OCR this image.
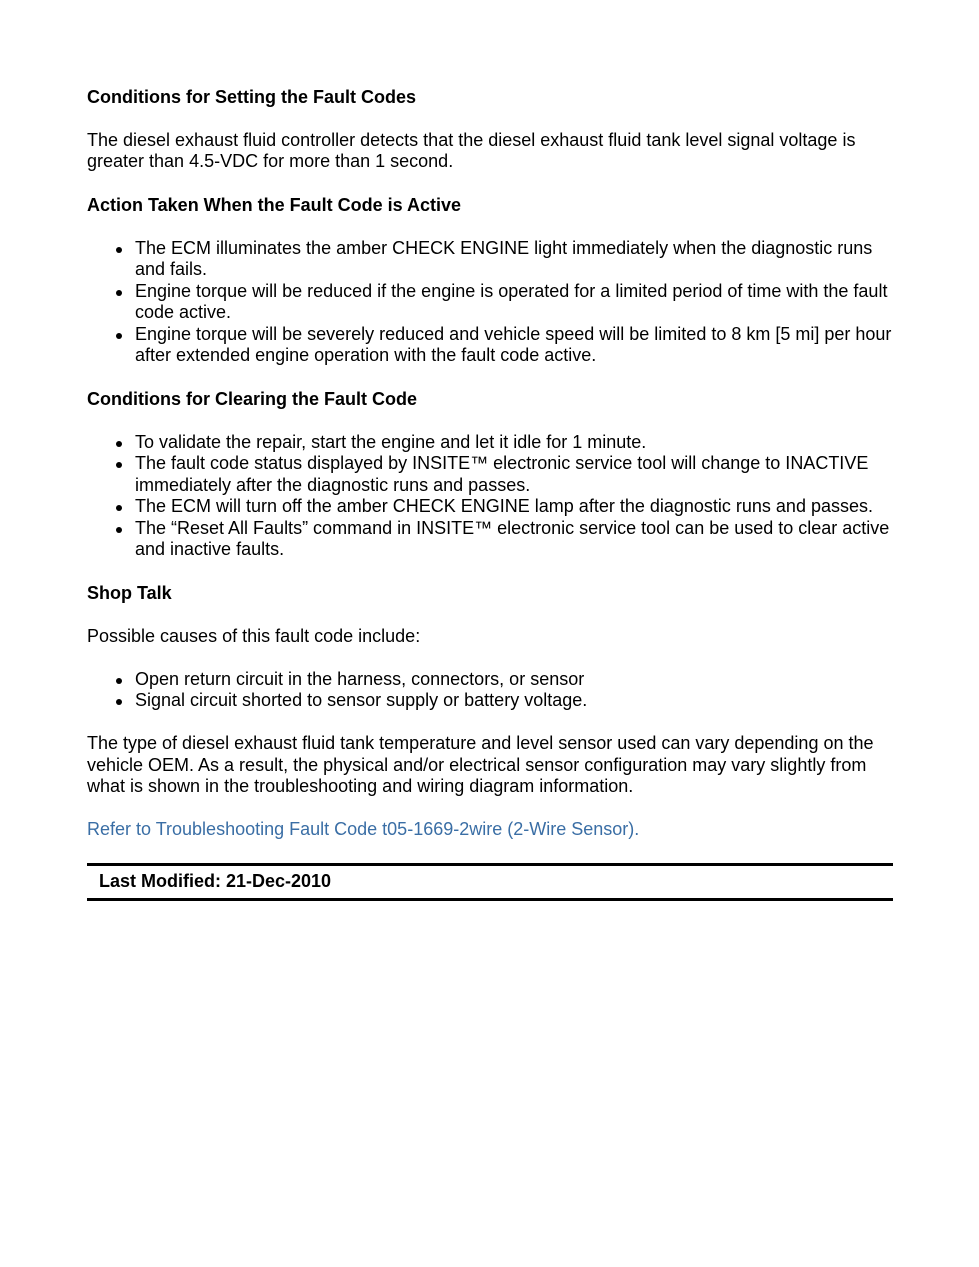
Conditions for Setting the Fault Codes

The diesel exhaust fluid controller detects that the diesel exhaust fluid tank level signal voltage is greater than 4.5-VDC for more than 1 second.

Action Taken When the Fault Code is Active
The ECM illuminates the amber CHECK ENGINE light immediately when the diagnostic runs and fails.
Engine torque will be reduced if the engine is operated for a limited period of time with the fault code active.
Engine torque will be severely reduced and vehicle speed will be limited to 8 km [5 mi] per hour after extended engine operation with the fault code active.
Conditions for Clearing the Fault Code
To validate the repair, start the engine and let it idle for 1 minute.
The fault code status displayed by INSITE™ electronic service tool will change to INACTIVE immediately after the diagnostic runs and passes.
The ECM will turn off the amber CHECK ENGINE lamp after the diagnostic runs and passes.
The “Reset All Faults” command in INSITE™ electronic service tool can be used to clear active and inactive faults.
Shop Talk

Possible causes of this fault code include:

Open return circuit in the harness, connectors, or sensor
Signal circuit shorted to sensor supply or battery voltage.

The type of diesel exhaust fluid tank temperature and level sensor used can vary depending on the vehicle OEM. As a result, the physical and/or electrical sensor configuration may vary slightly from what is shown in the troubleshooting and wiring diagram information.

Refer to Troubleshooting Fault Code t05-1669-2wire (2-Wire Sensor).

Last Modified: 21-Dec-2010
